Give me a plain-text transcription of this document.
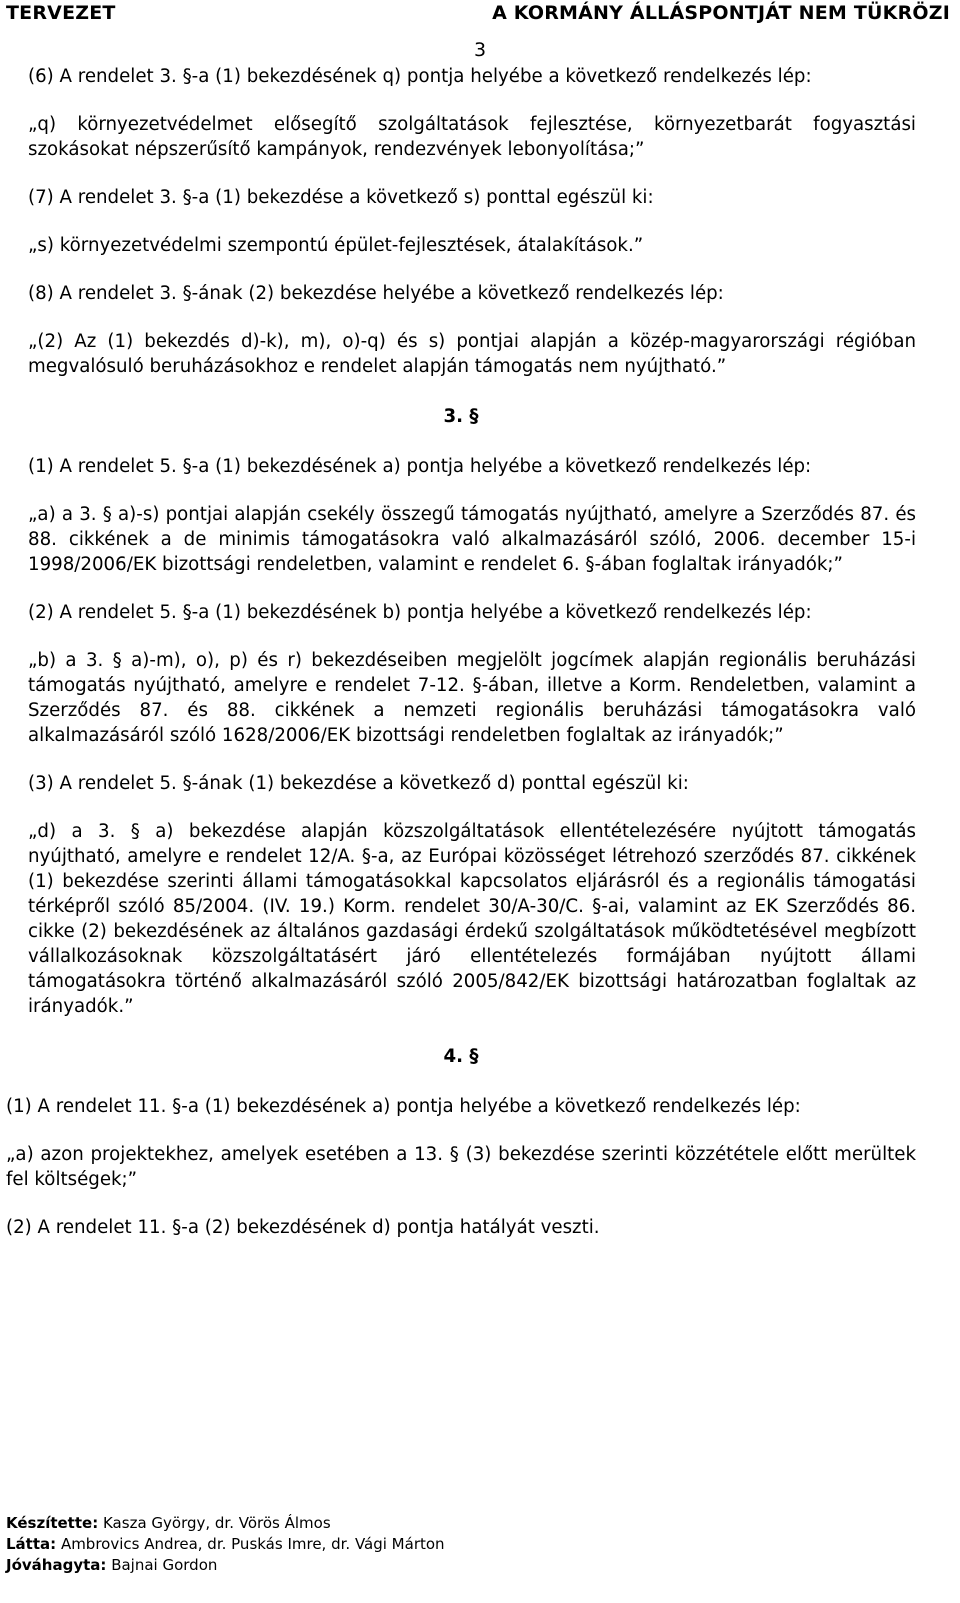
TERVEZET	A KORMÁNY ÁLLÁSPONTJÁT NEM TÜKRÖZI
3

(6) A rendelet 3. §-a (1) bekezdésének q) pontja helyébe a következő rendelkezés lép:

„q) környezetvédelmet elősegítő szolgáltatások fejlesztése, környezetbarát fogyasztási szokásokat népszerűsítő kampányok, rendezvények lebonyolítása;”

(7) A rendelet 3. §-a (1) bekezdése a következő s) ponttal egészül ki:

„s) környezetvédelmi szempontú épület-fejlesztések, átalakítások.”

(8) A rendelet 3. §-ának (2) bekezdése helyébe a következő rendelkezés lép:

„(2) Az (1) bekezdés d)-k), m), o)-q) és s) pontjai alapján a közép-magyarországi régióban megvalósuló beruházásokhoz e rendelet alapján támogatás nem nyújtható.”

3. §

(1) A rendelet 5. §-a (1) bekezdésének a) pontja helyébe a következő rendelkezés lép:

„a) a 3. § a)-s) pontjai alapján csekély összegű támogatás nyújtható, amelyre a Szerződés 87. és 88. cikkének a de minimis támogatásokra való alkalmazásáról szóló, 2006. december 15-i 1998/2006/EK bizottsági rendeletben, valamint e rendelet 6. §-ában foglaltak irányadók;”

(2) A rendelet 5. §-a (1) bekezdésének b) pontja helyébe a következő rendelkezés lép:

„b) a 3. § a)-m), o), p) és r) bekezdéseiben megjelölt jogcímek alapján regionális beruházási támogatás nyújtható, amelyre e rendelet 7-12. §-ában, illetve a Korm. Rendeletben, valamint a Szerződés 87. és 88. cikkének a nemzeti regionális beruházási támogatásokra való alkalmazásáról szóló 1628/2006/EK bizottsági rendeletben foglaltak az irányadók;”

(3) A rendelet 5. §-ának (1) bekezdése a következő d) ponttal egészül ki:

„d) a 3. § a) bekezdése alapján közszolgáltatások ellentételezésére nyújtott támogatás nyújtható, amelyre e rendelet 12/A. §-a, az Európai közösséget létrehozó szerződés 87. cikkének (1) bekezdése szerinti állami támogatásokkal kapcsolatos eljárásról és a regionális támogatási térképről szóló 85/2004. (IV. 19.) Korm. rendelet 30/A-30/C. §-ai, valamint az EK Szerződés 86. cikke (2) bekezdésének az általános gazdasági érdekű szolgáltatások működtetésével megbízott vállalkozásoknak közszolgáltatásért járó ellentételezés formájában nyújtott állami támogatásokra történő alkalmazásáról szóló 2005/842/EK bizottsági határozatban foglaltak az irányadók.”

4. §

(1) A rendelet 11. §-a (1) bekezdésének a) pontja helyébe a következő rendelkezés lép:

„a) azon projektekhez, amelyek esetében a 13. § (3) bekezdése szerinti közzététele előtt merültek fel költségek;”

(2) A rendelet 11. §-a (2) bekezdésének d) pontja hatályát veszti.

Készítette: Kasza György, dr. Vörös Álmos
Látta: Ambrovics Andrea, dr. Puskás Imre, dr. Vági Márton
Jóváhagyta: Bajnai Gordon
